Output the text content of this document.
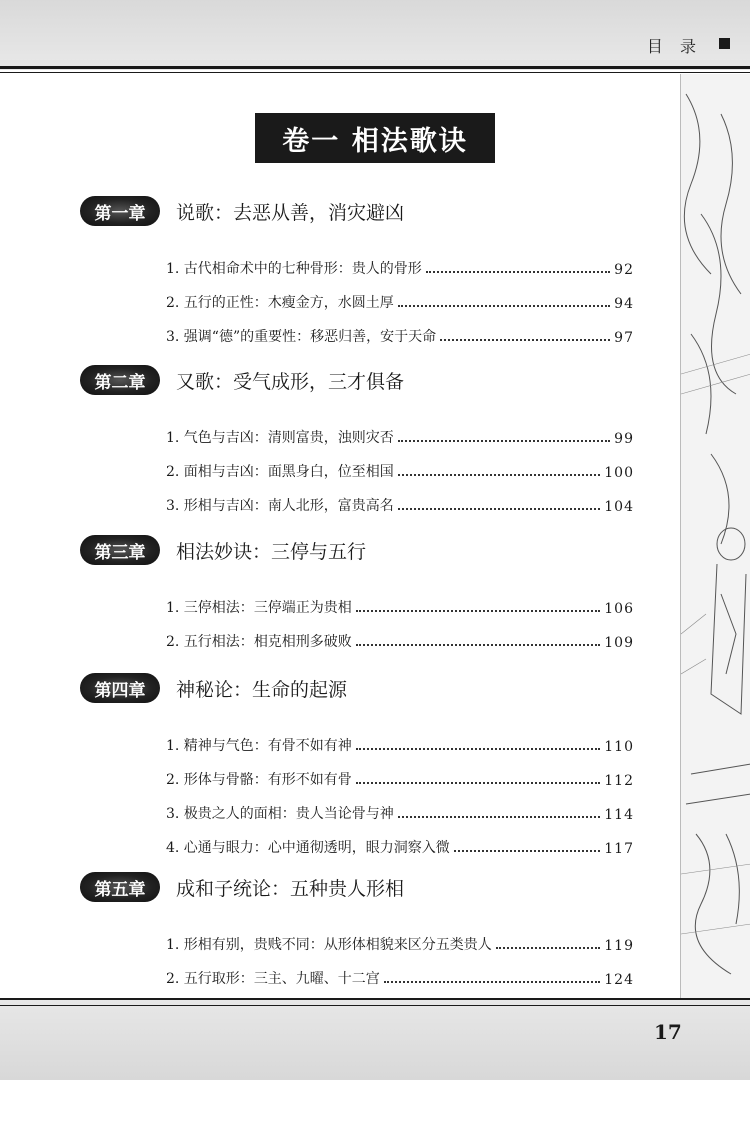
目 录
卷一 相法歌诀
第一章	说歌：去恶从善，消灾避凶
1. 古代相命术中的七种骨形： 贵人的骨形	92
2. 五行的正性： 木瘦金方，水圆土厚	94
3. 强调“德”的重要性： 移恶归善，安于天命	97
第二章	又歌：受气成形，三才俱备
1. 气色与吉凶： 清则富贵，浊则灾否	99
2. 面相与吉凶： 面黑身白，位至相国	100
3. 形相与吉凶： 南人北形，富贵高名	104
第三章	相法妙诀：三停与五行
1. 三停相法： 三停端正为贵相	106
2. 五行相法： 相克相刑多破败	109
第四章	神秘论：生命的起源
1. 精神与气色： 有骨不如有神	110
2. 形体与骨骼： 有形不如有骨	112
3. 极贵之人的面相： 贵人当论骨与神	114
4. 心通与眼力： 心中通彻透明，眼力洞察入微	117
第五章	成和子统论：五种贵人形相
1. 形相有别，贵贱不同： 从形体相貌来区分五类贵人	119
2. 五行取形： 三主、九曜、十二宫	124
17
